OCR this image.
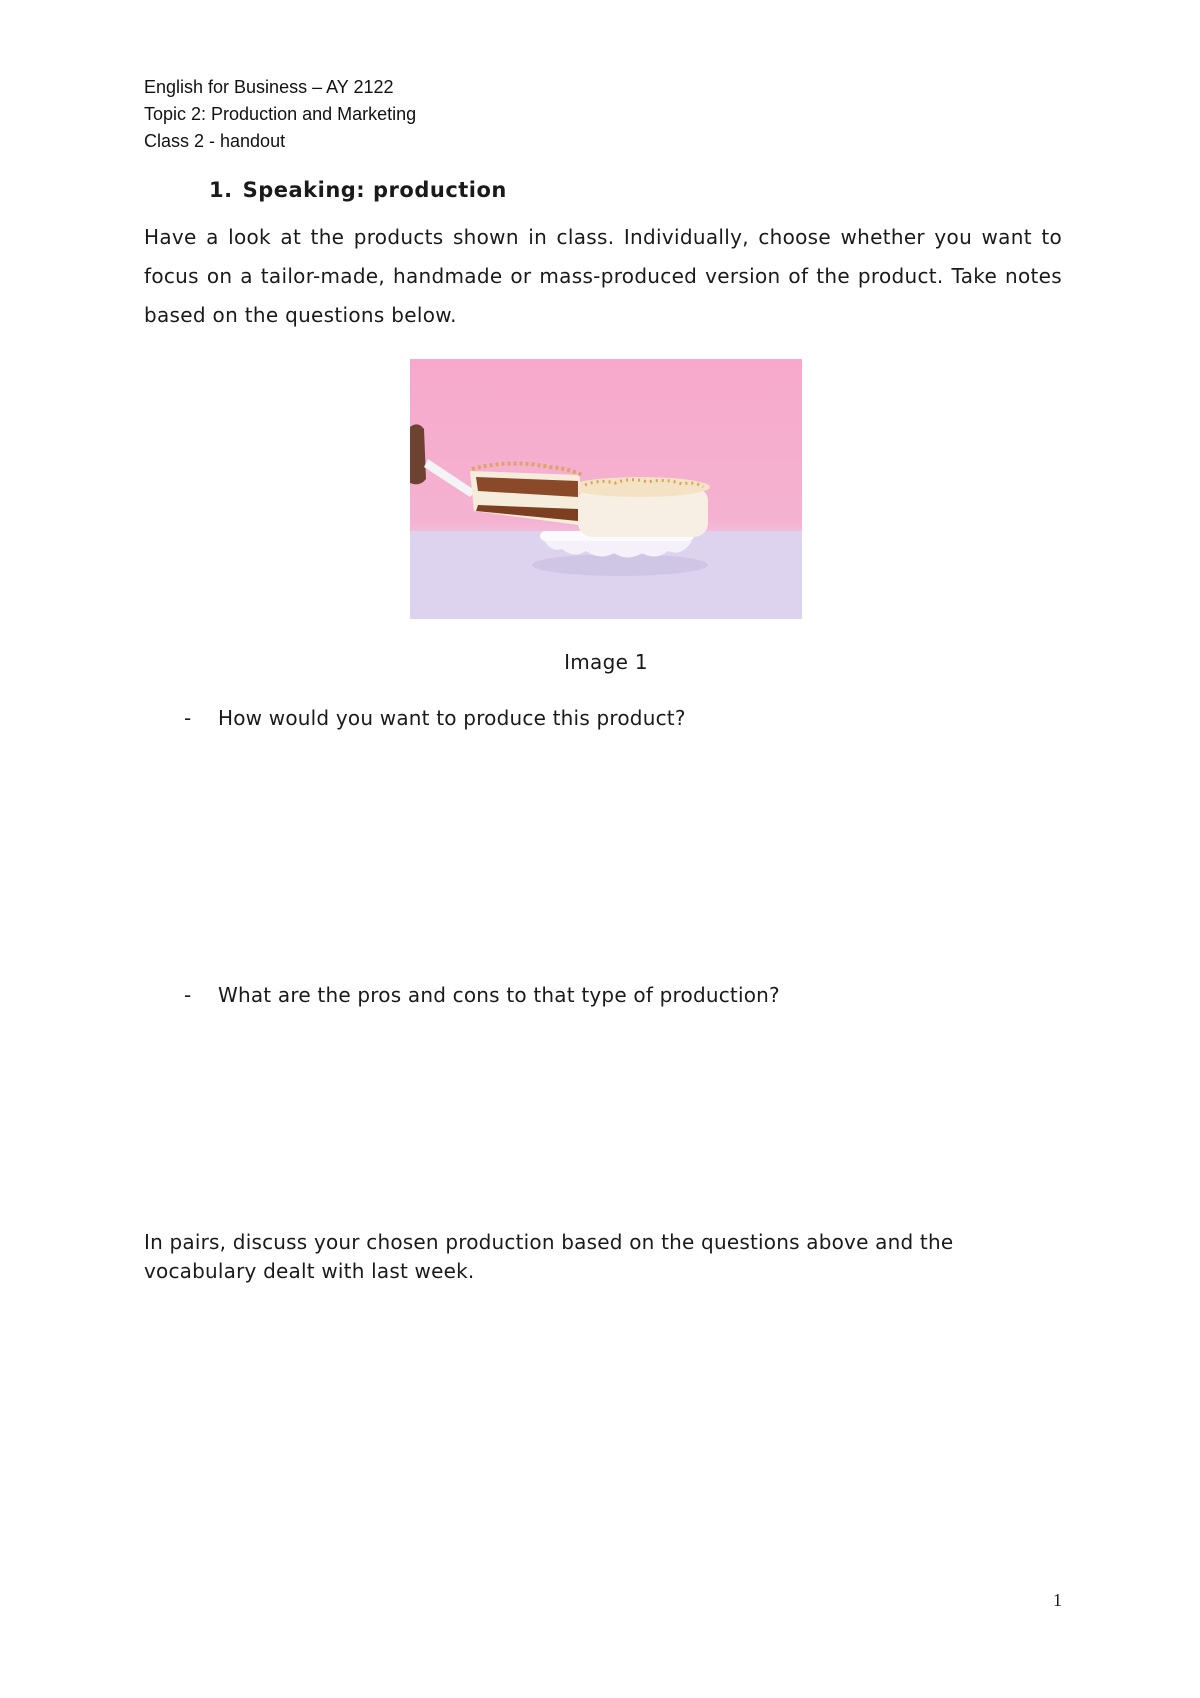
English for Business – AY 2122
Topic 2: Production and Marketing
Class 2 - handout
1. Speaking: production

Have a look at the products shown in class. Individually, choose whether you want to focus on a tailor-made, handmade or mass-produced version of the product. Take notes based on the questions below.

Image 1
- How would you want to produce this product?
- What are the pros and cons to that type of production?

In pairs, discuss your chosen production based on the questions above and the vocabulary dealt with last week.

1
